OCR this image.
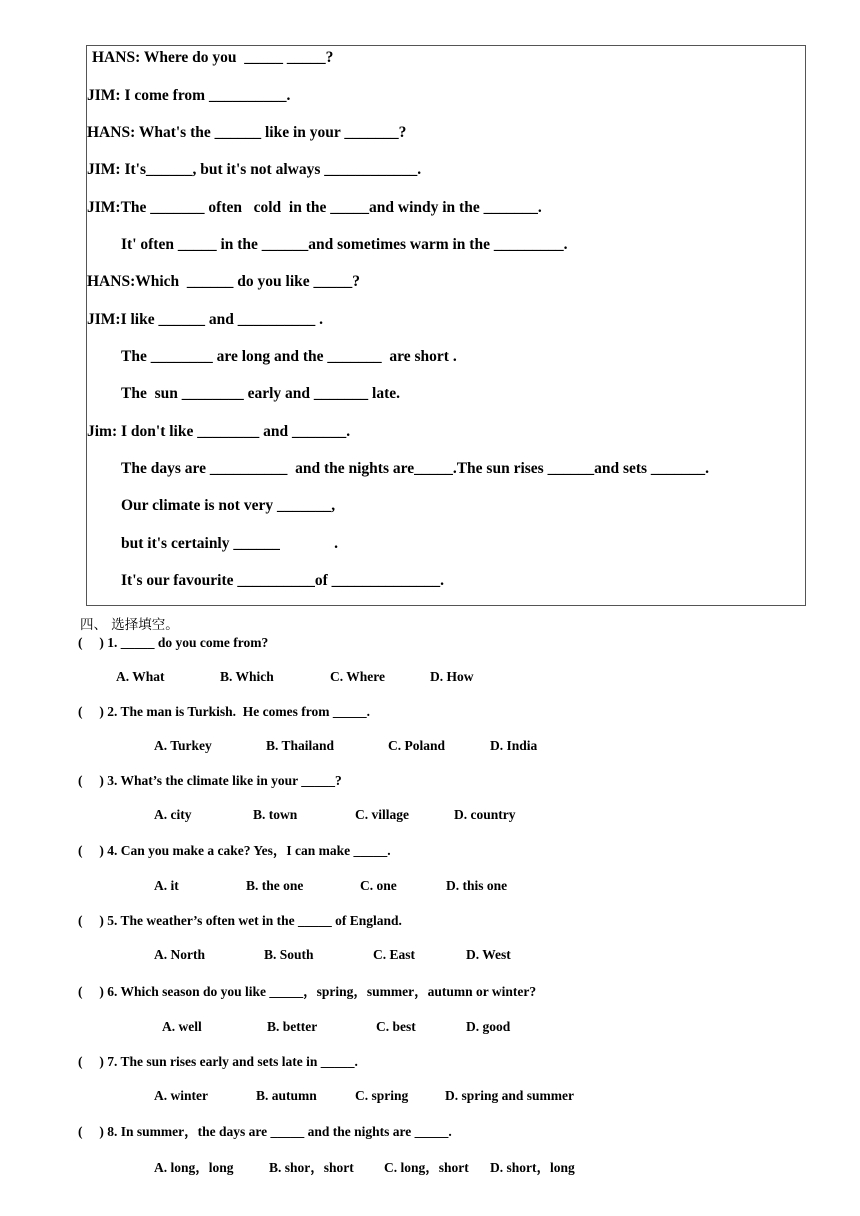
HANS: Where do you  _____ _____?
JIM: I come from __________.
HANS: What's the ______ like in your _______?
JIM: It's______, but it's not always ____________.
JIM:The _______ often   cold  in the _____and windy in the _______.
It' often _____ in the ______and sometimes warm in the _________.
HANS:Which  ______ do you like _____?
JIM:I like ______ and __________ .
The ________ are long and the _______  are short .
The  sun ________ early and _______ late.
Jim: I don't like ________ and _______.
The days are __________  and the nights are_____.The sun rises ______and sets _______.
Our climate is not very _______,
but it's certainly ______              .
It's our favourite __________of ______________.
四、 选择填空。
(     ) 1. _____ do you come from?
A. What	B. Which	C. Where	D. How
(     ) 2. The man is Turkish.  He comes from _____.
A. Turkey	B. Thailand	C. Poland	D. India
(     ) 3. What’s the climate like in your _____?
A. city	B. town	C. village	D. country
(     ) 4. Can you make a cake? Yes，I can make _____.
A. it	B. the one	C. one	D. this one
(     ) 5. The weather’s often wet in the _____ of England.
A. North	B. South	C. East	D. West
(     ) 6. Which season do you like _____，spring，summer，autumn or winter?
A. well	B. better	C. best	D. good
(     ) 7. The sun rises early and sets late in _____.
A. winter	B. autumn	C. spring	D. spring and summer
(     ) 8. In summer，the days are _____ and the nights are _____.
A. long，long	B. shor，short C. long，short D. short，long
